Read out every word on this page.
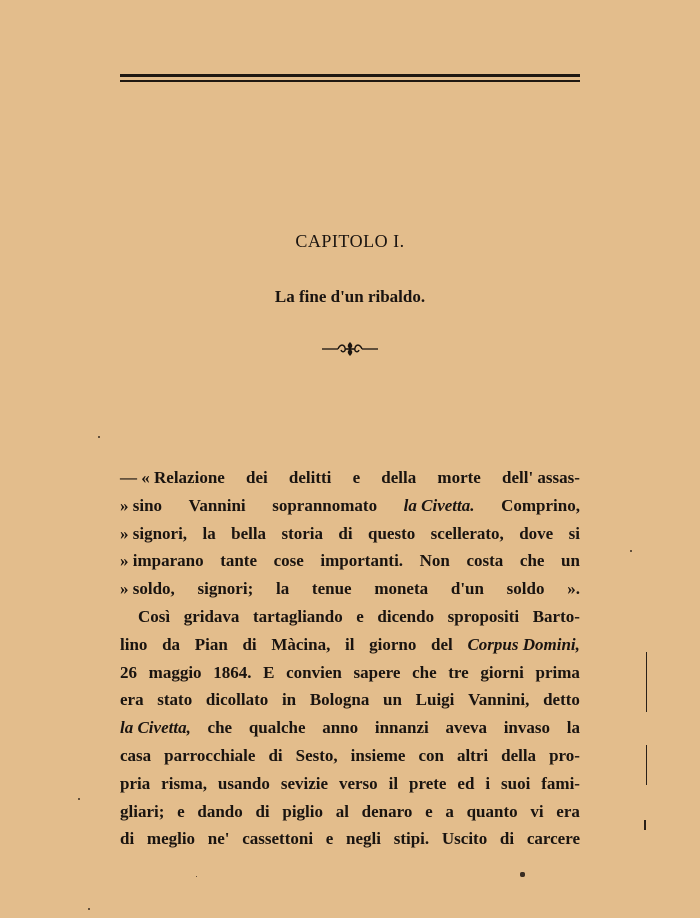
CAPITOLO I.
La fine d'un ribaldo.
— « Relazione dei delitti e della morte dell' assas-
» sino Vannini soprannomato la Civetta. Comprino,
» signori, la bella storia di questo scellerato, dove si
» imparano tante cose importanti. Non costa che un
» soldo, signori; la tenue moneta d'un soldo ».
Così gridava tartagliando e dicendo spropositi Barto-
lino da Pian di Màcina, il giorno del Corpus Domini,
26 maggio 1864. E convien sapere che tre giorni prima
era stato dicollato in Bologna un Luigi Vannini, detto
la Civetta, che qualche anno innanzi aveva invaso la
casa parrocchiale di Sesto, insieme con altri della pro-
pria risma, usando sevizie verso il prete ed i suoi fami-
gliari; e dando di piglio al denaro e a quanto vi era
di meglio ne' cassettoni e negli stipi. Uscito di carcere
